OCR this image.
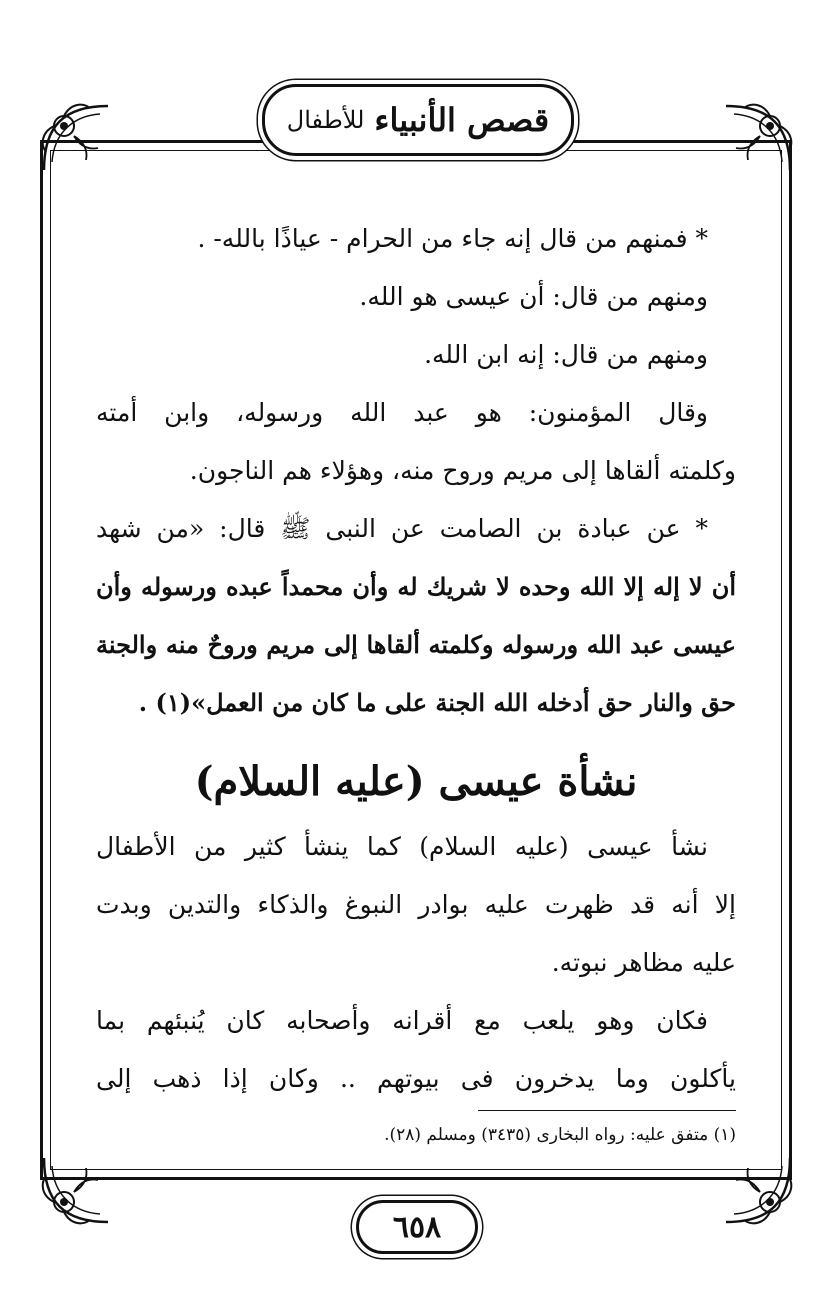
قصص الأنبياء
للأطفال
* فمنهم من قال إنه جاء من الحرام - عياذًا بالله- .
ومنهم من قال: أن عيسى هو الله.
ومنهم من قال: إنه ابن الله.
وقال المؤمنون: هو عبد الله ورسوله، وابن أمته
وكلمته ألقاها إلى مريم وروح منه، وهؤلاء هم الناجون.
* عن عبادة بن الصامت عن النبى ﷺ قال: «من شهد
أن لا إله إلا الله وحده لا شريك له وأن محمداً عبده ورسوله وأن
عيسى عبد الله ورسوله وكلمته ألقاها إلى مريم وروحٌ منه والجنة
حق والنار حق أدخله الله الجنة على ما كان من العمل»(١) .
نشأة عيسى (عليه السلام)
نشأ عيسى (عليه السلام) كما ينشأ كثير من الأطفال
إلا أنه قد ظهرت عليه بوادر النبوغ والذكاء والتدين وبدت
عليه مظاهر نبوته.
فكان وهو يلعب مع أقرانه وأصحابه كان يُنبئهم بما
يأكلون وما يدخرون فى بيوتهم .. وكان إذا ذهب إلى
(١) متفق عليه: رواه البخارى (٣٤٣٥) ومسلم (٢٨).
٦٥٨
